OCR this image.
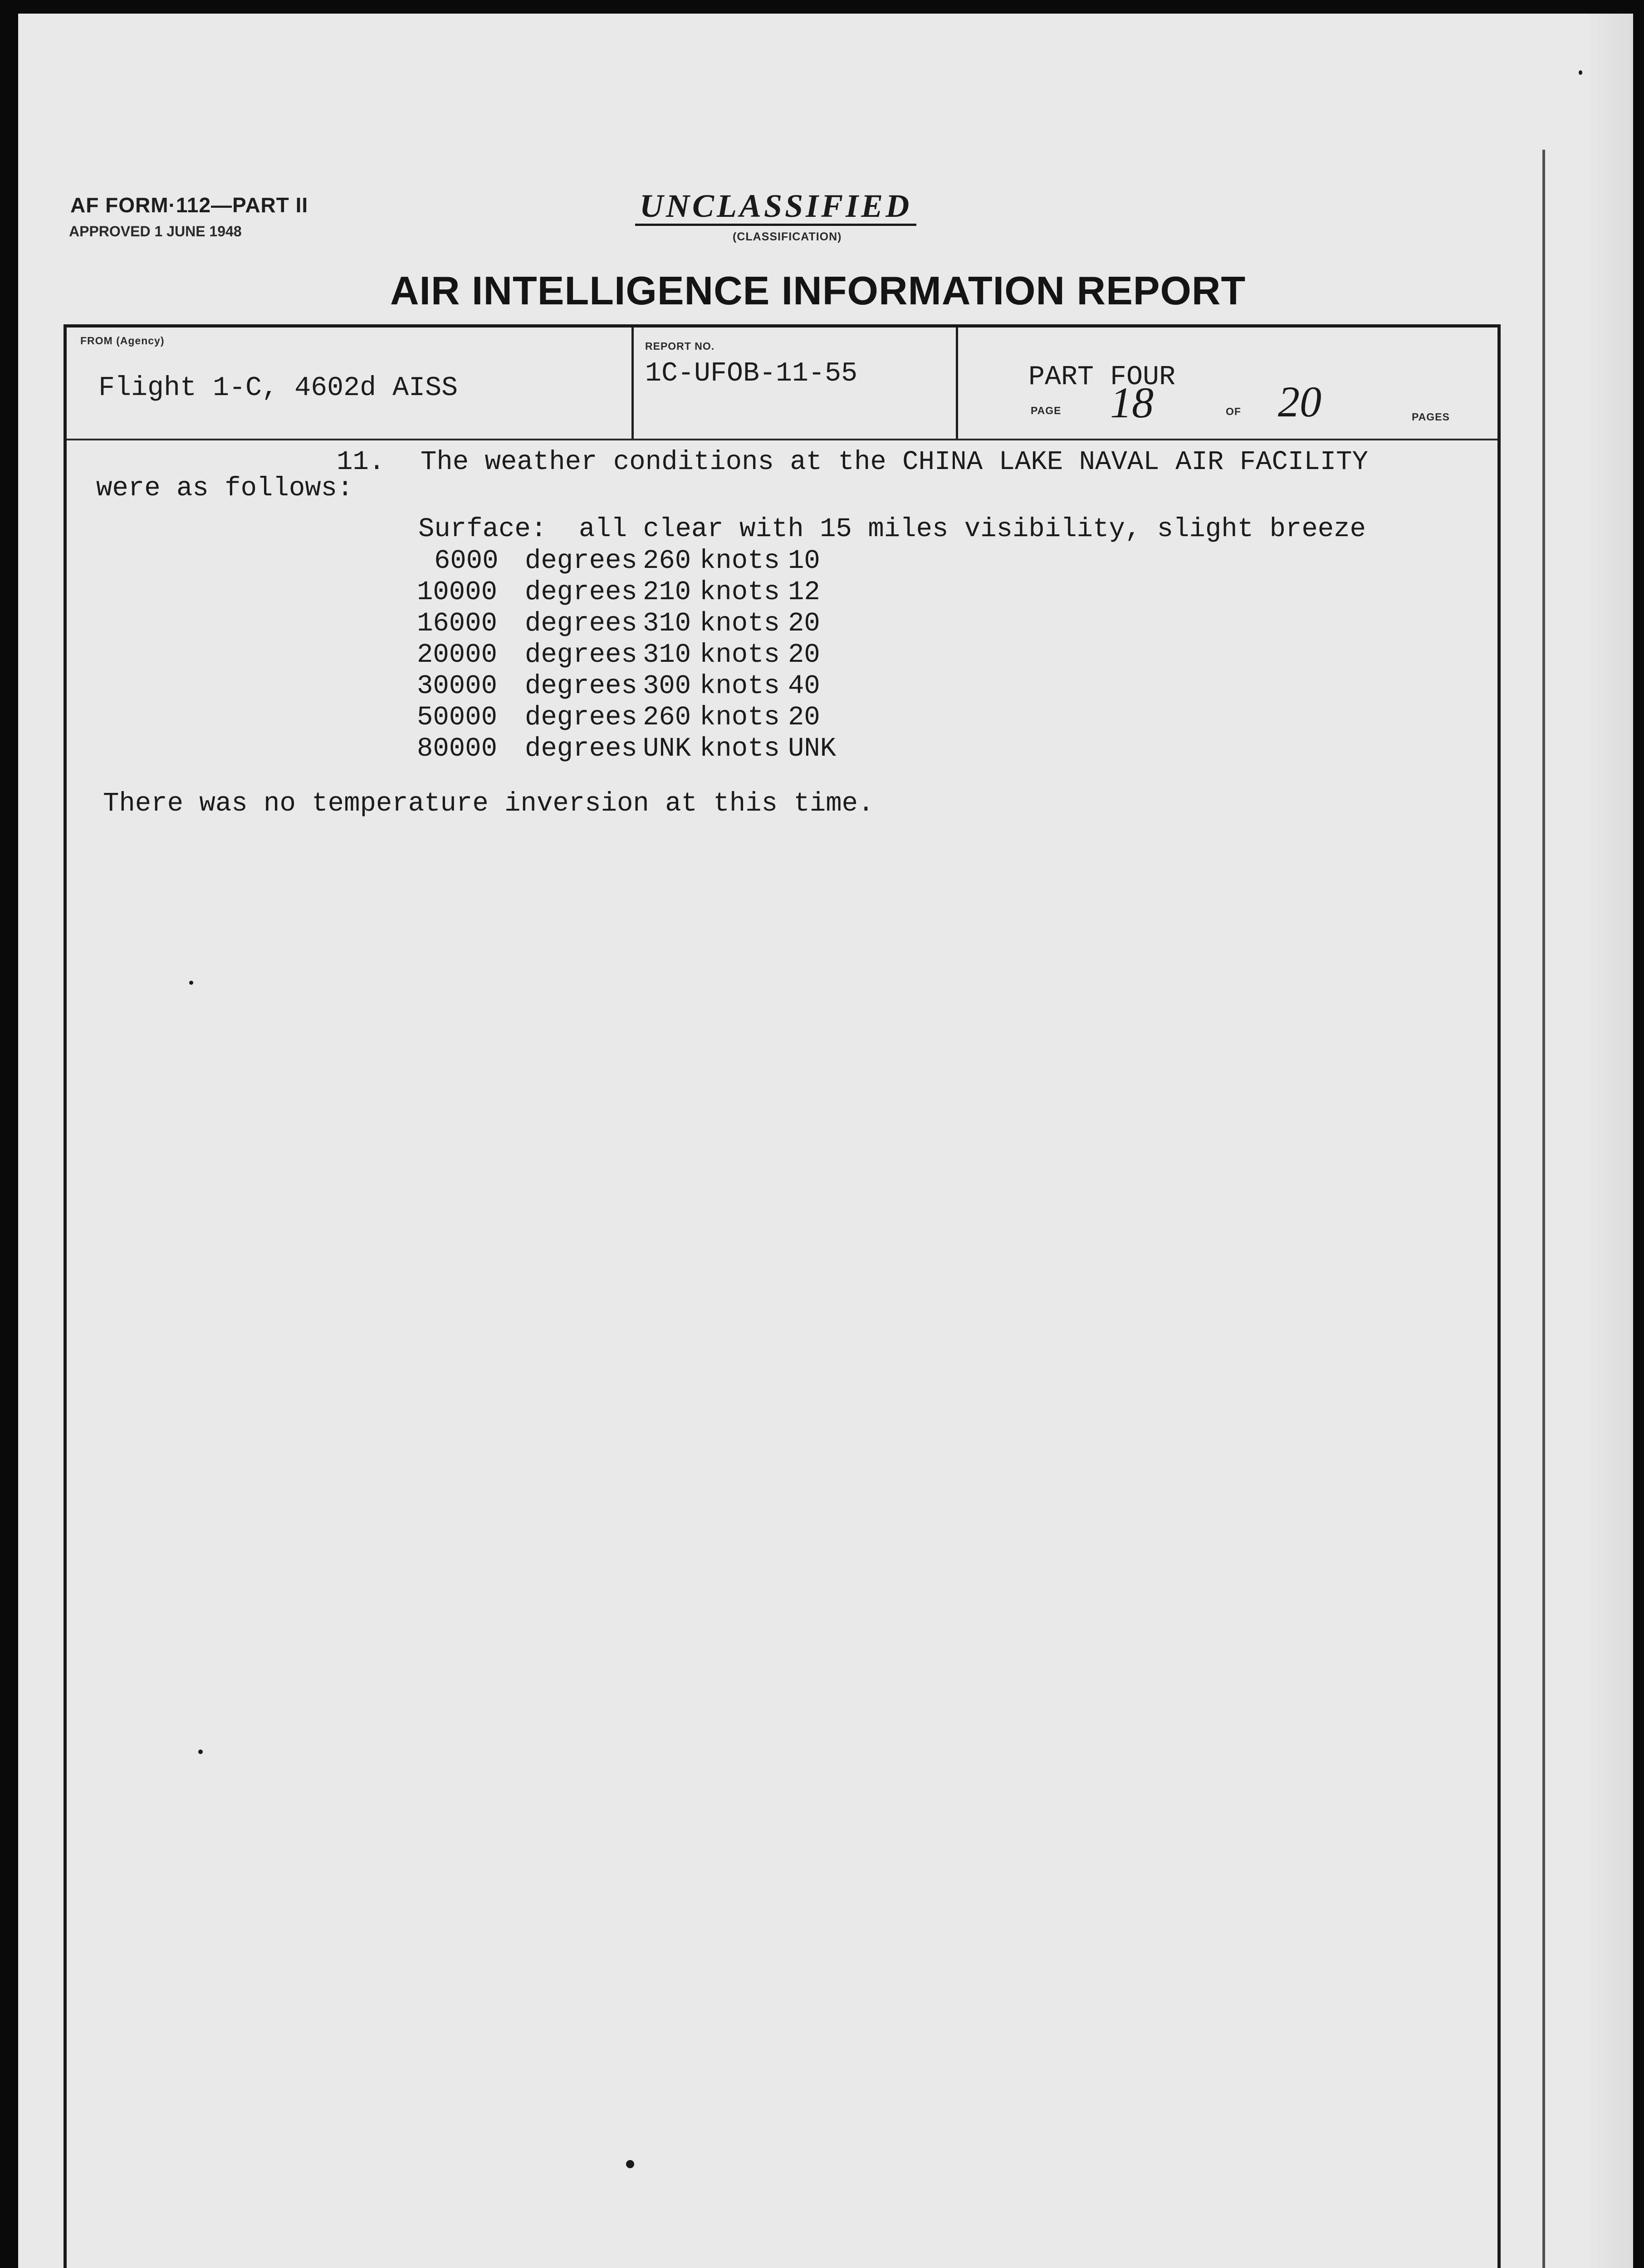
AF FORM·112—PART II
APPROVED 1 JUNE 1948
UNCLASSIFIED
(CLASSIFICATION)
AIR INTELLIGENCE INFORMATION REPORT
FROM (Agency)
Flight 1-C, 4602d AISS
REPORT NO.
1C-UFOB-11-55	PART FOUR
PAGE 18	OF 20	PAGES
11. The weather conditions at the CHINA LAKE NAVAL AIR FACILITY
were as follows:
Surface:  all clear with 15 miles visibility, slight breeze
6000 degrees 260 knots 10
10000 degrees 210 knots 12
16000 degrees 310 knots 20
20000 degrees 310 knots 20
30000 degrees 300 knots 40
50000 degrees 260 knots 20
80000 degrees UNK knots UNK
There was no temperature inversion at this time.
